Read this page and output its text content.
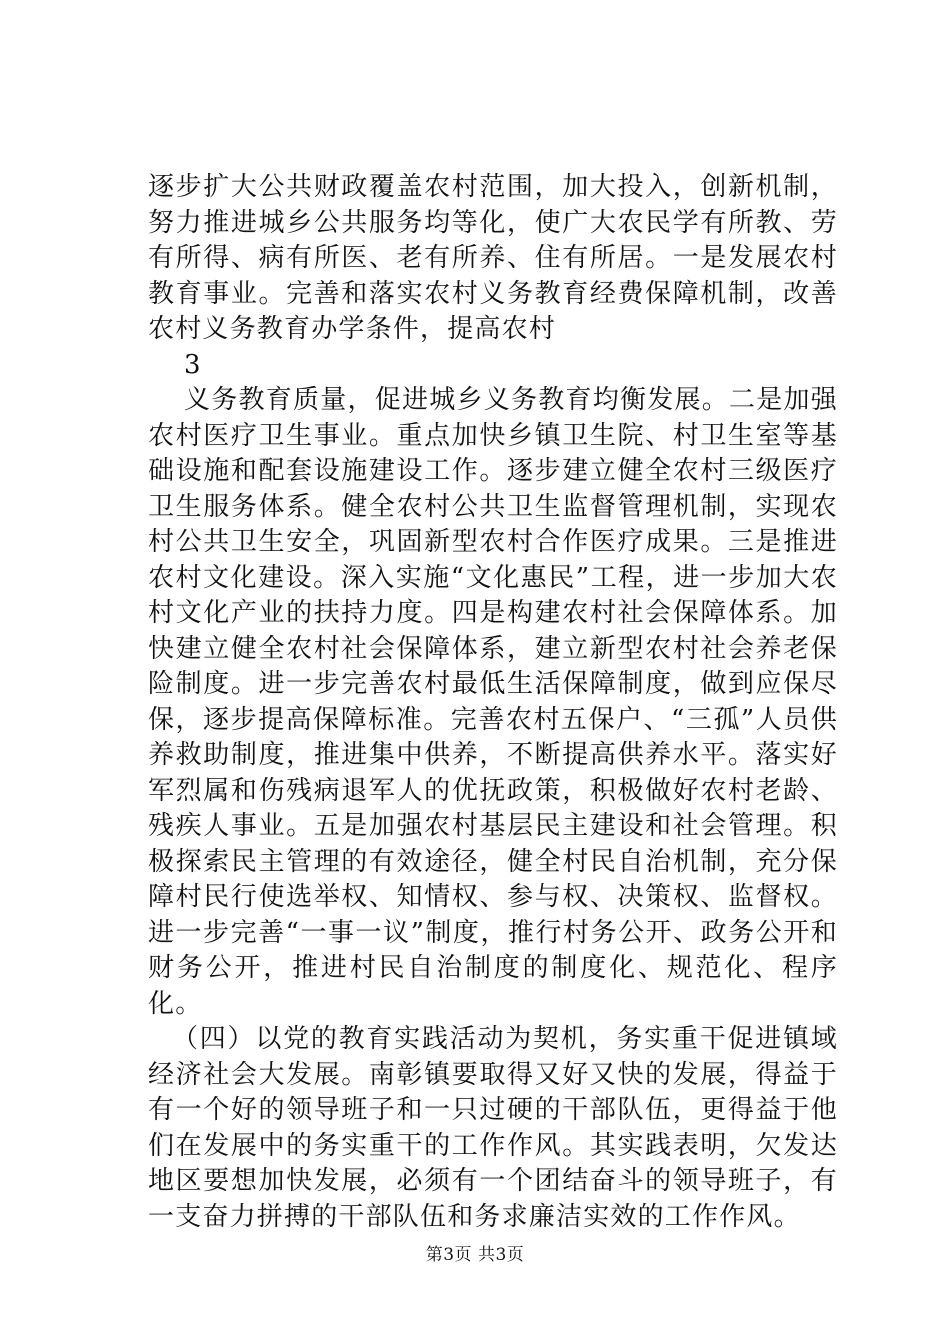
逐步扩大公共财政覆盖农村范围，加大投入，创新机制，努力推进城乡公共服务均等化，使广大农民学有所教、劳有所得、病有所医、老有所养、住有所居。一是发展农村教育事业。完善和落实农村义务教育经费保障机制，改善农村义务教育办学条件，提高农村

3

义务教育质量，促进城乡义务教育均衡发展。二是加强农村医疗卫生事业。重点加快乡镇卫生院、村卫生室等基础设施和配套设施建设工作。逐步建立健全农村三级医疗卫生服务体系。健全农村公共卫生监督管理机制，实现农村公共卫生安全，巩固新型农村合作医疗成果。三是推进农村文化建设。深入实施“文化惠民”工程，进一步加大农村文化产业的扶持力度。四是构建农村社会保障体系。加快建立健全农村社会保障体系，建立新型农村社会养老保险制度。进一步完善农村最低生活保障制度，做到应保尽保，逐步提高保障标准。完善农村五保户、“三孤”人员供养救助制度，推进集中供养，不断提高供养水平。落实好军烈属和伤残病退军人的优抚政策，积极做好农村老龄、残疾人事业。五是加强农村基层民主建设和社会管理。积极探索民主管理的有效途径，健全村民自治机制，充分保障村民行使选举权、知情权、参与权、决策权、监督权。进一步完善“一事一议”制度，推行村务公开、政务公开和财务公开，推进村民自治制度的制度化、规范化、程序化。

（四）以党的教育实践活动为契机，务实重干促进镇域经济社会大发展。南彰镇要取得又好又快的发展，得益于有一个好的领导班子和一只过硬的干部队伍，更得益于他们在发展中的务实重干的工作作风。其实践表明，欠发达地区要想加快发展，必须有一个团结奋斗的领导班子，有一支奋力拼搏的干部队伍和务求廉洁实效的工作作风。

第3页 共3页
